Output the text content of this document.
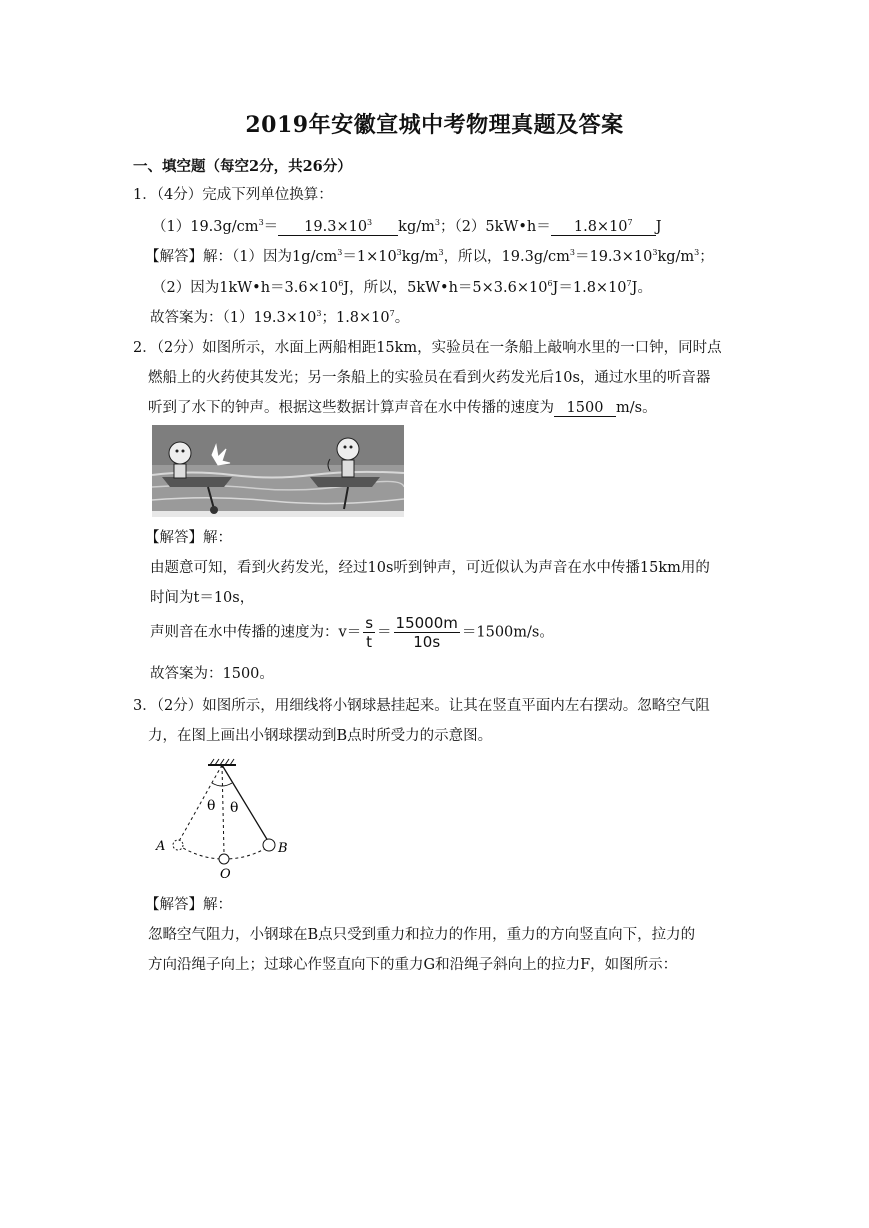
2019年安徽宣城中考物理真题及答案
一、填空题（每空2分，共26分）
1．（4分）完成下列单位换算：
$(1)19.3g/cm^3= 19.3\times 10^3$ $kg/m^3$；（2）5kW•h＝ $1.8\times 10^7$ J
【解答】解：（1）因为$1g/cm^3=1\times 10^3kg/m^3$，所以，$19.3g/cm^3=19.3\times 10^3kg/m^3$；
（2）因为$1kW•h=3.6\times 10^6J$，所以，$5kW•h=5\times 3.6\times 10^6J=1.8\times 10^7J$。
故答案为：$(1)19.3\times 10^3$；$1.8\times 10^7$。
2．（2分）如图所示，水面上两船相距15km，实验员在一条船上敲响水里的一口钟，同时点
燃船上的火药使其发光；另一条船上的实验员在看到火药发光后10s，通过水里的听音器
听到了水下的钟声。根据这些数据计算声音在水中传播的速度为 1500 m/s。
【解答】解：
由题意可知，看到火药发光，经过10s听到钟声，可近似认为声音在水中传播15km用的
时间为t＝10s，
声则音在水中传播的速度为：$v= \frac{s}{t} = \frac{15000m}{10s} =1500m/s$。
故答案为：1500。
3．（2分）如图所示，用细线将小钢球悬挂起来。让其在竖直平面内左右摆动。忽略空气阻
力，在图上画出小钢球摆动到B点时所受力的示意图。
θ θ
A	B
O
【解答】解：
忽略空气阻力，小钢球在B点只受到重力和拉力的作用，重力的方向竖直向下，拉力的
方向沿绳子向上；过球心作竖直向下的重力G和沿绳子斜向上的拉力F，如图所示：
